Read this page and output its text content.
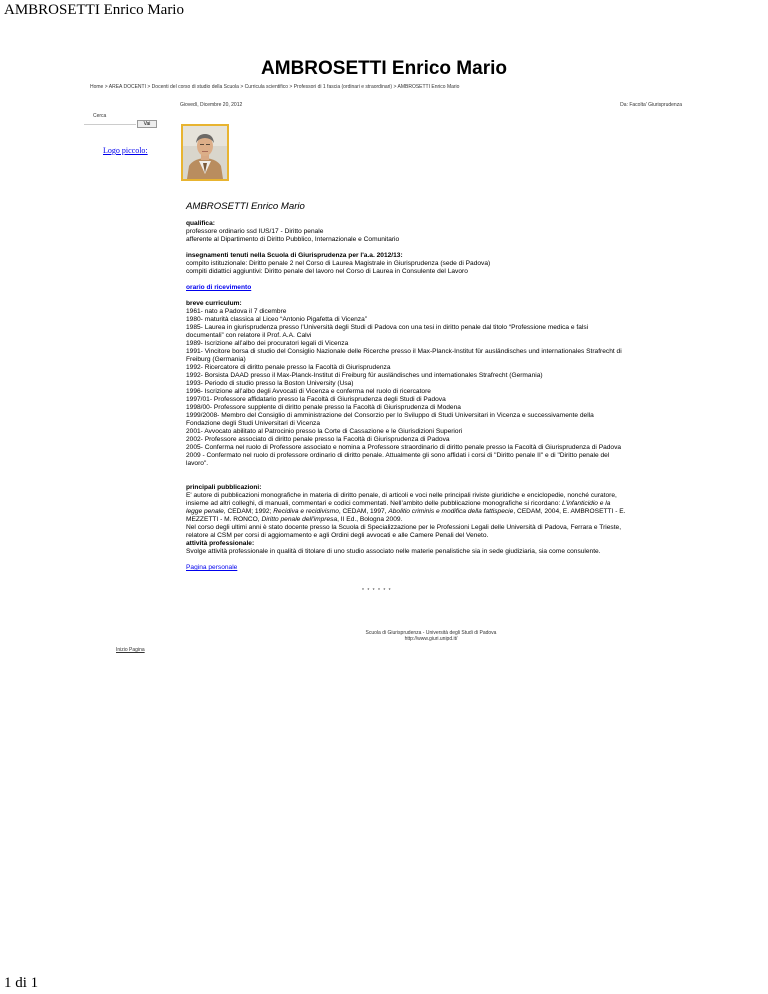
AMBROSETTI Enrico Mario
AMBROSETTI Enrico Mario
Home > AREA DOCENTI > Docenti del corso di studio della Scuola > Curricula scientifico > Professori di 1 fascia (ordinari e straordinari) > AMBROSETTI Enrico Mario
Giovedì, Dicembre 20, 2012	Da: Facolta' Giurisprudenza
Cerca
Vai
Logo piccolo:
AMBROSETTI Enrico Mario
qualifica:
professore ordinario ssd IUS/17 - Diritto penale
afferente al Dipartimento di Diritto Pubblico, Internazionale e Comunitario
insegnamenti tenuti nella Scuola di Giurisprudenza per l'a.a. 2012/13:
compito istituzionale: Diritto penale 2 nel Corso di Laurea Magistrale in Giurisprudenza (sede di Padova)
compiti didattici aggiuntivi: Diritto penale del lavoro nel Corso di Laurea in Consulente del Lavoro
orario di ricevimento
breve curriculum:
1961- nato a Padova il 7 dicembre
1980- maturità classica al Liceo “Antonio Pigafetta di Vicenza”
1985- Laurea in giurisprudenza presso l’Università degli Studi di Padova con una tesi in diritto penale dal titolo “Professione medica e falsi documentali” con relatore il Prof. A.A. Calvi
1989- Iscrizione all’albo dei procuratori legali di Vicenza
1991- Vincitore borsa di studio del Consiglio Nazionale delle Ricerche presso il Max-Planck-Institut für ausländisches und internationales Strafrecht di Freiburg (Germania)
1992- Ricercatore di diritto penale presso la Facoltà di Giurisprudenza
1992- Borsista DAAD presso il Max-Planck-Institut di Freiburg für ausländisches und internationales Strafrecht (Germania)
1993- Periodo di studio presso la Boston University (Usa)
1996- Iscrizione all’albo degli Avvocati di Vicenza e conferma nel ruolo di ricercatore
1997/01- Professore affidatario presso la Facoltà di Giurisprudenza degli Studi di Padova
1998/00- Professore supplente di diritto penale presso la Facoltà di Giurisprudenza di Modena
1999/2008- Membro del Consiglio di amministrazione del Consorzio per lo Sviluppo di Studi Universitari in Vicenza e successivamente della Fondazione degli Studi Universitari di Vicenza
2001- Avvocato abilitato al Patrocinio presso la Corte di Cassazione e le Giurisdizioni Superiori
2002- Professore associato di diritto penale presso la Facoltà di Giurisprudenza di Padova
2005- Conferma nel ruolo di Professore associato e nomina a Professore straordinario di diritto penale presso la Facoltà di Giurisprudenza di Padova
2009 - Confermato nel ruolo di professore ordinario di diritto penale. Attualmente gli sono affidati i corsi di "Diritto penale II" e di "Diritto penale del lavoro".
principali pubblicazioni:
E' autore di pubblicazioni monografiche in materia di diritto penale, di articoli e voci nelle principali riviste giuridiche e enciclopedie, nonché curatore, insieme ad altri colleghi, di manuali, commentari e codici commentati. Nell’ambito delle pubblicazione monografiche si ricordano: L’infanticidio e la legge penale, CEDAM; 1992; Recidiva e recidivismo, CEDAM, 1997, Abolitio criminis e modifica della fattispecie, CEDAM, 2004, E. AMBROSETTI - E. MEZZETTI - M. RONCO, Diritto penale dell'impresa, II Ed., Bologna 2009.
Nel corso degli ultimi anni è stato docente presso la Scuola di Specializzazione per le Professioni Legali delle Università di Padova, Ferrara e Trieste, relatore al CSM per corsi di aggiornamento e agli Ordini degli avvocati e alle Camere Penali del Veneto.
attività professionale:
Svolge attività professionale in qualità di titolare di uno studio associato nelle materie penalistiche sia in sede giudiziaria, sia come consulente.
Pagina personale
* * * * * *
Inizio Pagina
Scuola di Giurisprudenza - Università degli Studi di Padova
http://www.giuri.unipd.it/
1 di 1
